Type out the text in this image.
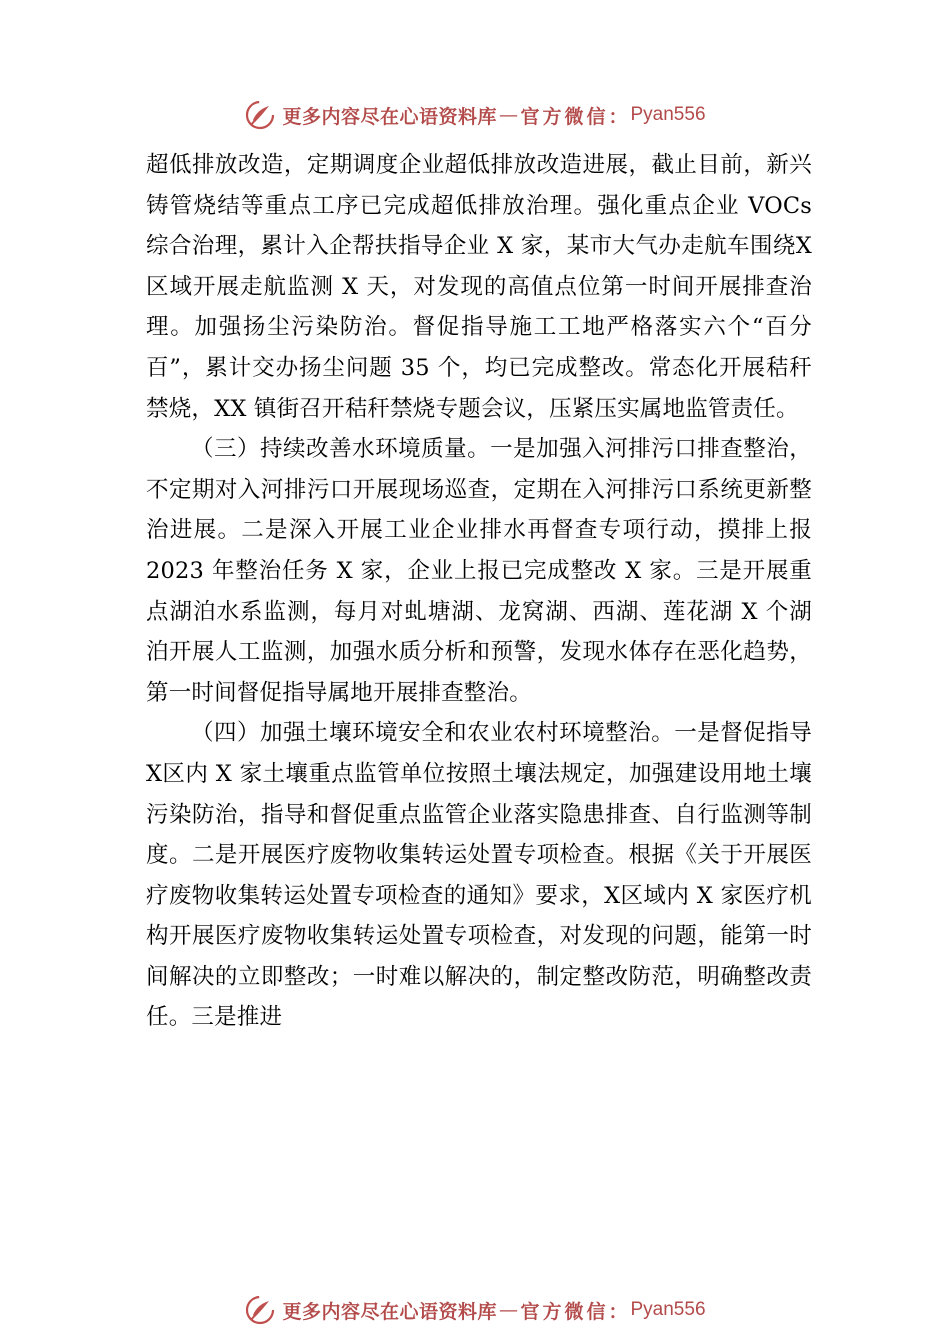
更多内容尽在心语资料库 — 官方微信： Pyan556

超低排放改造，定期调度企业超低排放改造进展，截止目前，新兴铸管烧结等重点工序已完成超低排放治理。强化重点企业 VOCs 综合治理，累计入企帮扶指导企业 X 家，某市大气办走航车围绕Ⅹ区域开展走航监测 X 天，对发现的高值点位第一时间开展排查治理。加强扬尘污染防治。督促指导施工工地严格落实六个“百分百”，累计交办扬尘问题 35 个，均已完成整改。常态化开展秸秆禁烧，XX 镇街召开秸秆禁烧专题会议，压紧压实属地监管责任。

（三）持续改善水环境质量。一是加强入河排污口排查整治，不定期对入河排污口开展现场巡查，定期在入河排污口系统更新整治进展。二是深入开展工业企业排水再督查专项行动，摸排上报 2023 年整治任务 X 家，企业上报已完成整改 X 家。三是开展重点湖泊水系监测，每月对虬塘湖、龙窝湖、西湖、莲花湖 X 个湖泊开展人工监测，加强水质分析和预警，发现水体存在恶化趋势，第一时间督促指导属地开展排查整治。

（四）加强土壤环境安全和农业农村环境整治。一是督促指导Ⅹ区内 X 家土壤重点监管单位按照土壤法规定，加强建设用地土壤污染防治，指导和督促重点监管企业落实隐患排查、自行监测等制度。二是开展医疗废物收集转运处置专项检查。根据《关于开展医疗废物收集转运处置专项检查的通知》要求，Ⅹ区域内 X 家医疗机构开展医疗废物收集转运处置专项检查，对发现的问题，能第一时间解决的立即整改；一时难以解决的，制定整改防范，明确整改责任。三是推进

更多内容尽在心语资料库 — 官方微信： Pyan556
